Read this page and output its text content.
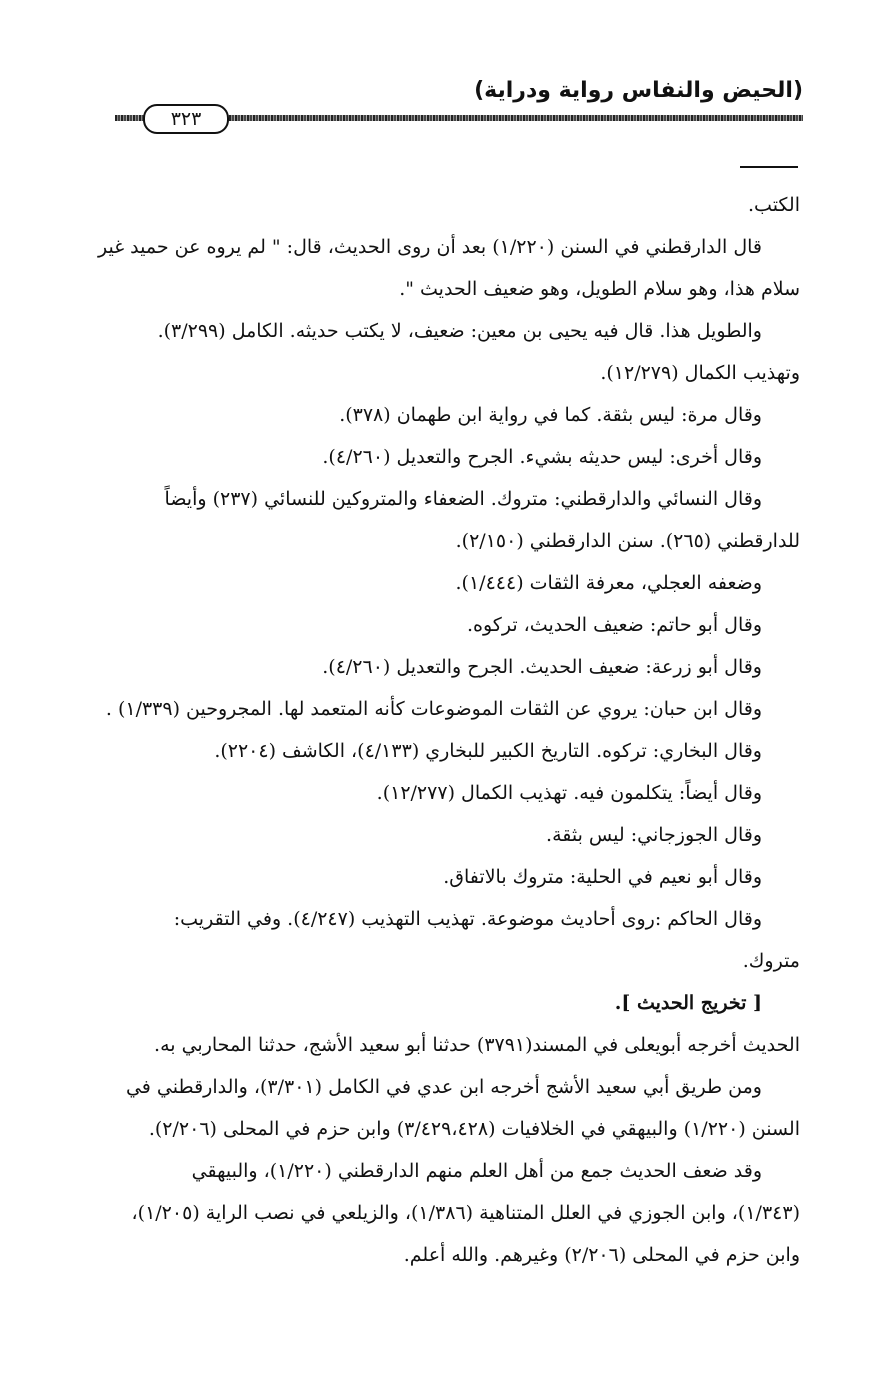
(الحيض والنفاس رواية ودراية)
٣٢٣
الكتب.
قال الدارقطني في السنن (١/٢٢٠) بعد أن روى الحديث، قال: " لم يروه عن حميد غير
سلام هذا، وهو سلام الطويل، وهو ضعيف الحديث ".
والطويل هذا. قال فيه يحيى بن معين: ضعيف، لا يكتب حديثه. الكامل (٣/٢٩٩).
وتهذيب الكمال (١٢/٢٧٩).
وقال مرة: ليس بثقة. كما في رواية ابن طهمان (٣٧٨).
وقال أخرى: ليس حديثه بشيء. الجرح والتعديل (٤/٢٦٠).
وقال النسائي والدارقطني: متروك. الضعفاء والمتروكين للنسائي (٢٣٧) وأيضاً
للدارقطني (٢٦٥). سنن الدارقطني (٢/١٥٠).
وضعفه العجلي، معرفة الثقات (١/٤٤٤).
وقال أبو حاتم: ضعيف الحديث، تركوه.
وقال أبو زرعة: ضعيف الحديث. الجرح والتعديل (٤/٢٦٠).
وقال ابن حبان: يروي عن الثقات الموضوعات كأنه المتعمد لها. المجروحين (١/٣٣٩) .
وقال البخاري: تركوه. التاريخ الكبير للبخاري (٤/١٣٣)، الكاشف (٢٢٠٤).
وقال أيضاً: يتكلمون فيه. تهذيب الكمال (١٢/٢٧٧).
وقال الجوزجاني: ليس بثقة.
وقال أبو نعيم في الحلية: متروك بالاتفاق.
وقال الحاكم :روى أحاديث موضوعة. تهذيب التهذيب (٤/٢٤٧). وفي التقريب:
متروك.
[ تخريج الحديث ].
الحديث أخرجه أبويعلى في المسند(٣٧٩١) حدثنا أبو سعيد الأشج، حدثنا المحاربي به.
ومن طريق أبي سعيد الأشج أخرجه ابن عدي في الكامل (٣/٣٠١)، والدارقطني في
السنن (١/٢٢٠) والبيهقي في الخلافيات (٣/٤٢٩،٤٢٨) وابن حزم في المحلى (٢/٢٠٦).
وقد ضعف الحديث جمع من أهل العلم منهم الدارقطني (١/٢٢٠)، والبيهقي
(١/٣٤٣)، وابن الجوزي في العلل المتناهية (١/٣٨٦)، والزيلعي في نصب الراية (١/٢٠٥)،
وابن حزم في المحلى (٢/٢٠٦) وغيرهم. والله أعلم.
